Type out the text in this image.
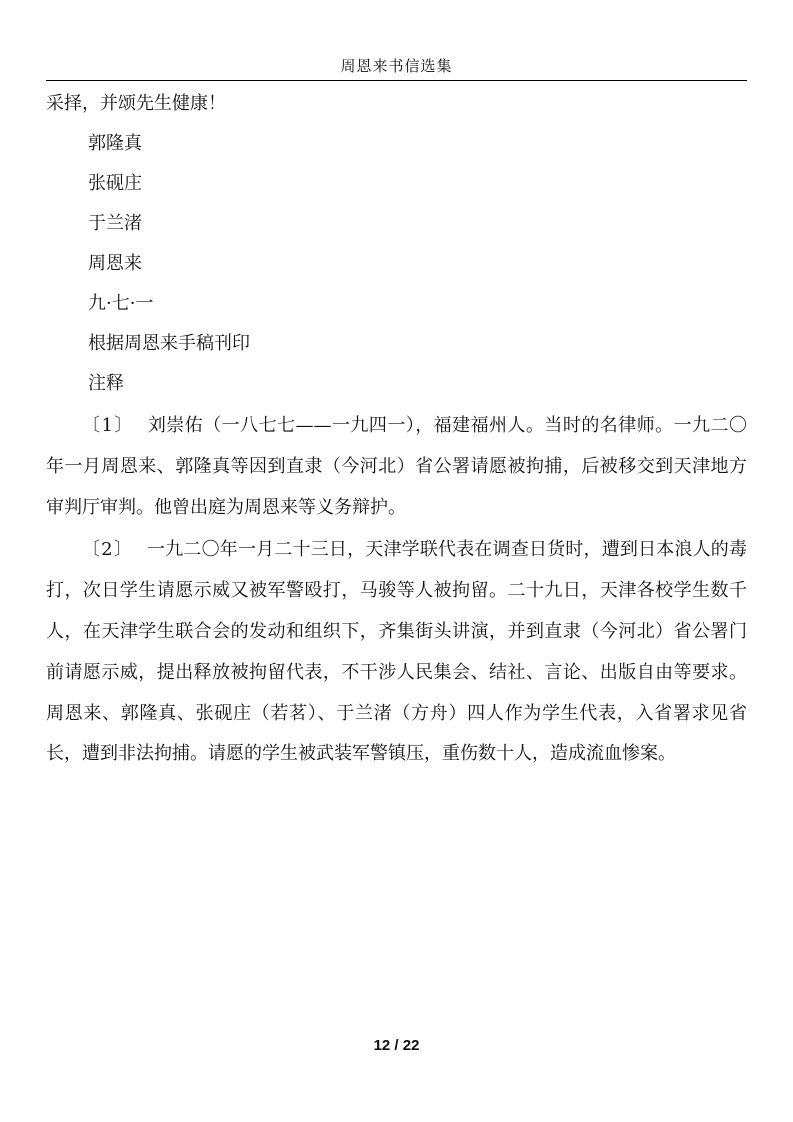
周恩来书信选集
采择，并颂先生健康！
郭隆真
张砚庄
于兰渚
周恩来
九·七·一
根据周恩来手稿刊印
注释

〔1〕 刘崇佑（一八七七——一九四一），福建福州人。当时的名律师。一九二〇年一月周恩来、郭隆真等因到直隶（今河北）省公署请愿被拘捕，后被移交到天津地方审判厅审判。他曾出庭为周恩来等义务辩护。

〔2〕 一九二〇年一月二十三日，天津学联代表在调查日货时，遭到日本浪人的毒打，次日学生请愿示威又被军警殴打，马骏等人被拘留。二十九日，天津各校学生数千人，在天津学生联合会的发动和组织下，齐集街头讲演，并到直隶（今河北）省公署门前请愿示威，提出释放被拘留代表，不干涉人民集会、结社、言论、出版自由等要求。周恩来、郭隆真、张砚庄（若茗）、于兰渚（方舟）四人作为学生代表，入省署求见省长，遭到非法拘捕。请愿的学生被武装军警镇压，重伤数十人，造成流血惨案。

12 / 22
